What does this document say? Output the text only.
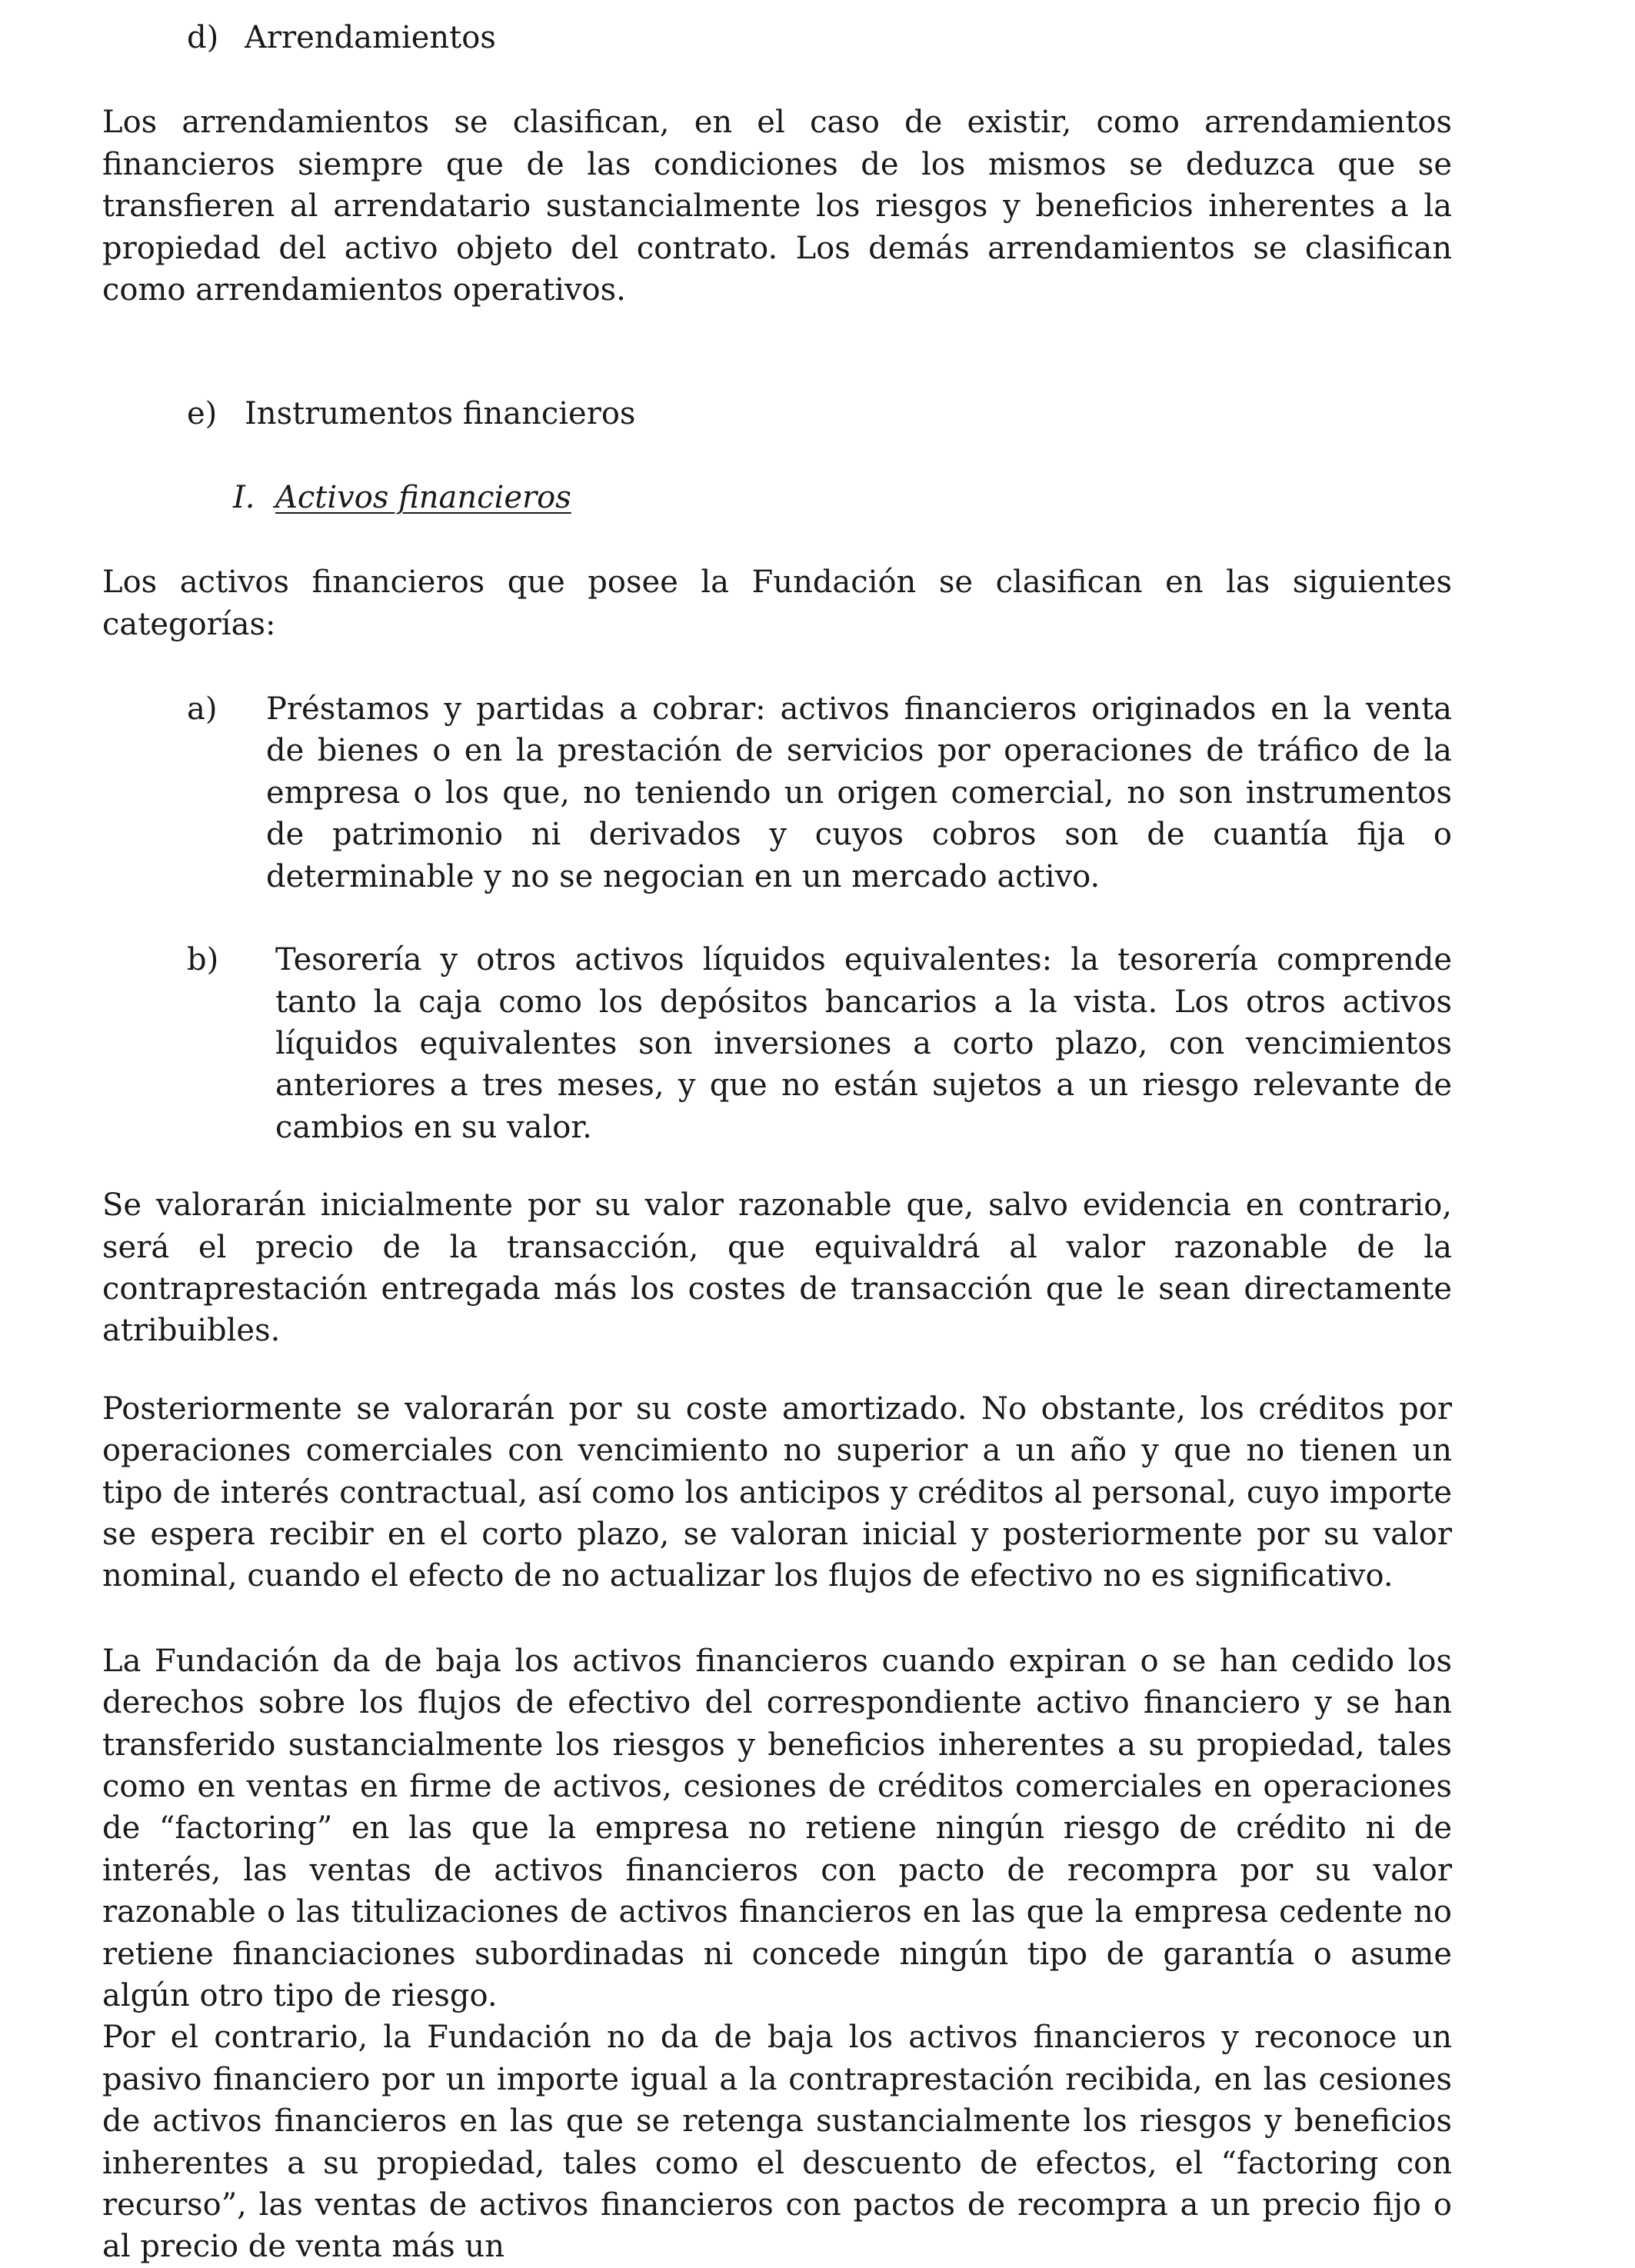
d) Arrendamientos

Los arrendamientos se clasifican, en el caso de existir, como arrendamientos financieros siempre que de las condiciones de los mismos se deduzca que se transfieren al arrendatario sustancialmente los riesgos y beneficios inherentes a la propiedad del activo objeto del contrato. Los demás arrendamientos se clasifican como arrendamientos operativos.

e) Instrumentos financieros

I. Activos financieros

Los activos financieros que posee la Fundación se clasifican en las siguientes categorías:

a)	Préstamos y partidas a cobrar: activos financieros originados en la venta de bienes o en la prestación de servicios por operaciones de tráfico de la empresa o los que, no teniendo un origen comercial, no son instrumentos de patrimonio ni derivados y cuyos cobros son de cuantía fija o determinable y no se negocian en un mercado activo.
b)	Tesorería y otros activos líquidos equivalentes: la tesorería comprende tanto la caja como los depósitos bancarios a la vista. Los otros activos líquidos equivalentes son inversiones a corto plazo, con vencimientos anteriores a tres meses, y que no están sujetos a un riesgo relevante de cambios en su valor.

Se valorarán inicialmente por su valor razonable que, salvo evidencia en contrario, será el precio de la transacción, que equivaldrá al valor razonable de la contraprestación entregada más los costes de transacción que le sean directamente atribuibles.

Posteriormente se valorarán por su coste amortizado. No obstante, los créditos por operaciones comerciales con vencimiento no superior a un año y que no tienen un tipo de interés contractual, así como los anticipos y créditos al personal, cuyo importe se espera recibir en el corto plazo, se valoran inicial y posteriormente por su valor nominal, cuando el efecto de no actualizar los flujos de efectivo no es significativo.

La Fundación da de baja los activos financieros cuando expiran o se han cedido los derechos sobre los flujos de efectivo del correspondiente activo financiero y se han transferido sustancialmente los riesgos y beneficios inherentes a su propiedad, tales como en ventas en firme de activos, cesiones de créditos comerciales en operaciones de “factoring” en las que la empresa no retiene ningún riesgo de crédito ni de interés, las ventas de activos financieros con pacto de recompra por su valor razonable o las titulizaciones de activos financieros en las que la empresa cedente no retiene financiaciones subordinadas ni concede ningún tipo de garantía o asume algún otro tipo de riesgo.

Por el contrario, la Fundación no da de baja los activos financieros y reconoce un pasivo financiero por un importe igual a la contraprestación recibida, en las cesiones de activos financieros en las que se retenga sustancialmente los riesgos y beneficios inherentes a su propiedad, tales como el descuento de efectos, el “factoring con recurso”, las ventas de activos financieros con pactos de recompra a un precio fijo o al precio de venta más un
